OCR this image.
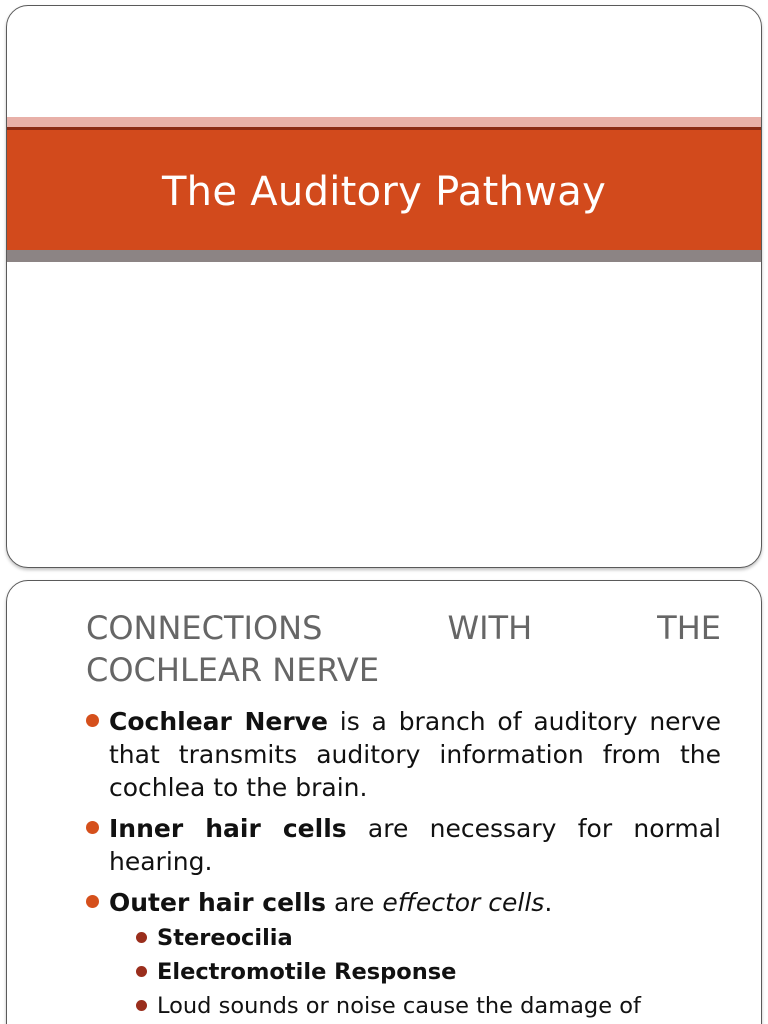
The Auditory Pathway
CONNECTIONS	WITH	THE
COCHLEAR NERVE
Cochlear Nerve is a branch of auditory nerve that transmits auditory information from the cochlea to the brain.
Inner hair cells are necessary for normal hearing.
Outer hair cells are effector cells.
Stereocilia
Electromotile Response
Loud sounds or noise cause the damage of
